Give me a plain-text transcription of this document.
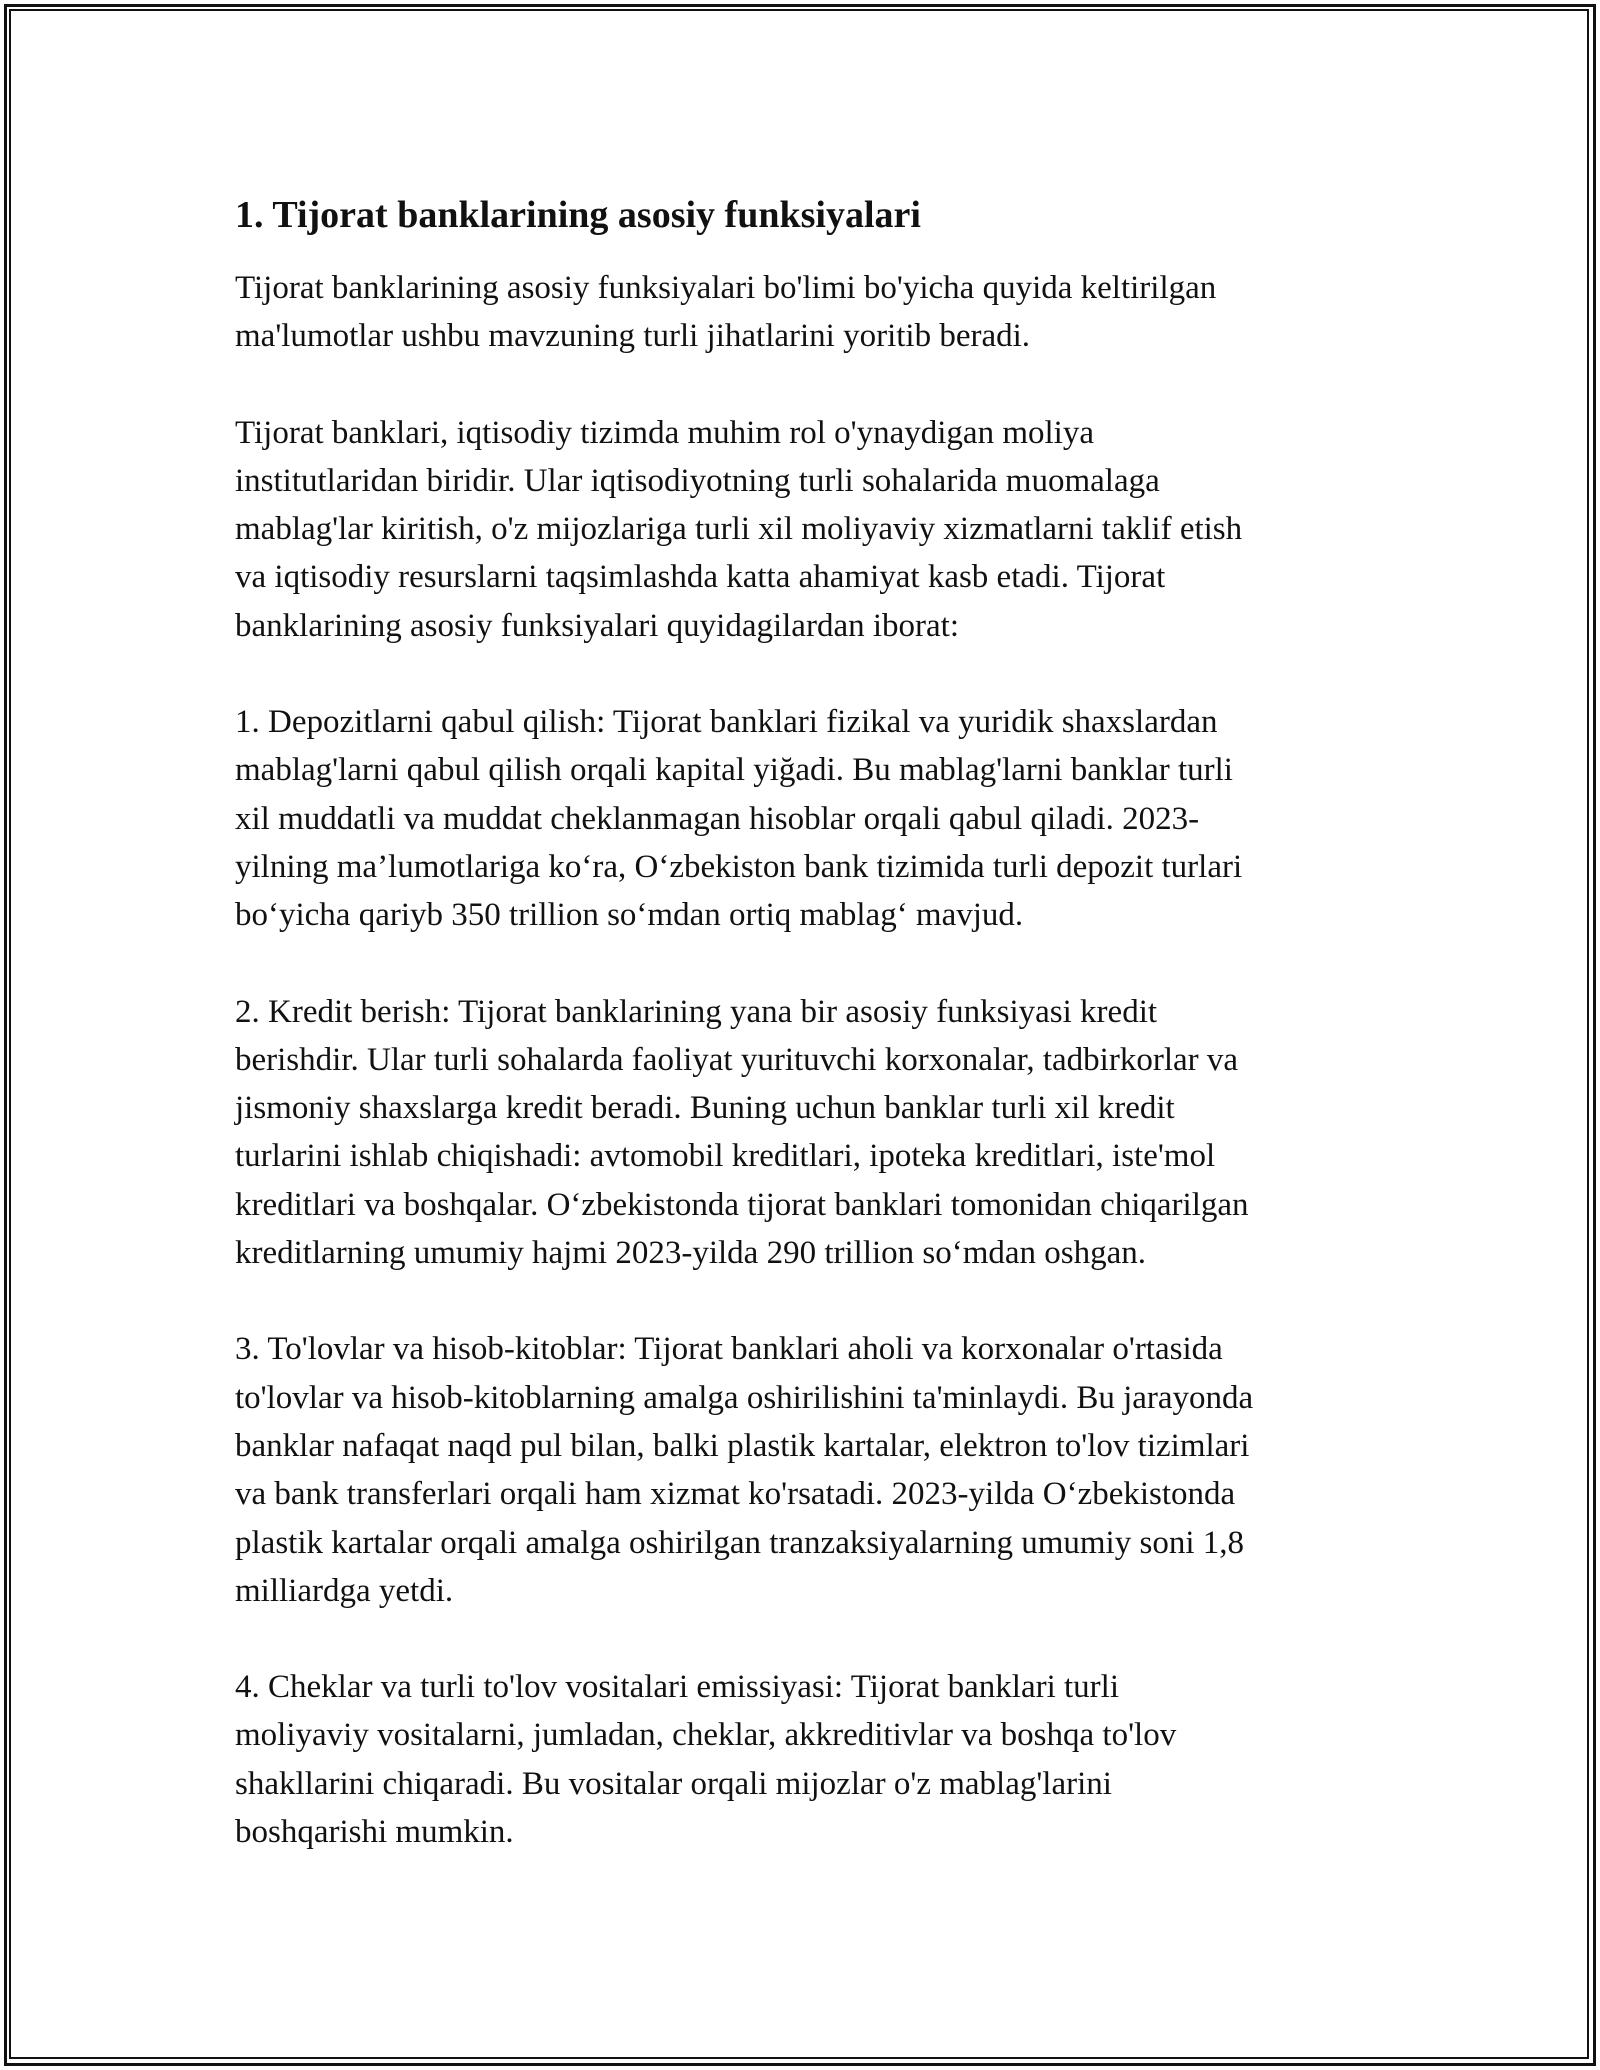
1. Tijorat banklarining asosiy funksiyalari

Tijorat banklarining asosiy funksiyalari bo'limi bo'yicha quyida keltirilgan
ma'lumotlar ushbu mavzuning turli jihatlarini yoritib beradi.

Tijorat banklari, iqtisodiy tizimda muhim rol o'ynaydigan moliya
institutlaridan biridir. Ular iqtisodiyotning turli sohalarida muomalaga
mablag'lar kiritish, o'z mijozlariga turli xil moliyaviy xizmatlarni taklif etish
va iqtisodiy resurslarni taqsimlashda katta ahamiyat kasb etadi. Tijorat
banklarining asosiy funksiyalari quyidagilardan iborat:

1. Depozitlarni qabul qilish: Tijorat banklari fizikal va yuridik shaxslardan
mablag'larni qabul qilish orqali kapital yiğadi. Bu mablag'larni banklar turli
xil muddatli va muddat cheklanmagan hisoblar orqali qabul qiladi. 2023-
yilning ma’lumotlariga koʻra, Oʻzbekiston bank tizimida turli depozit turlari
boʻyicha qariyb 350 trillion soʻmdan ortiq mablagʻ mavjud.

2. Kredit berish: Tijorat banklarining yana bir asosiy funksiyasi kredit
berishdir. Ular turli sohalarda faoliyat yurituvchi korxonalar, tadbirkorlar va
jismoniy shaxslarga kredit beradi. Buning uchun banklar turli xil kredit
turlarini ishlab chiqishadi: avtomobil kreditlari, ipoteka kreditlari, iste'mol
kreditlari va boshqalar. Oʻzbekistonda tijorat banklari tomonidan chiqarilgan
kreditlarning umumiy hajmi 2023-yilda 290 trillion soʻmdan oshgan.

3. To'lovlar va hisob-kitoblar: Tijorat banklari aholi va korxonalar o'rtasida
to'lovlar va hisob-kitoblarning amalga oshirilishini ta'minlaydi. Bu jarayonda
banklar nafaqat naqd pul bilan, balki plastik kartalar, elektron to'lov tizimlari
va bank transferlari orqali ham xizmat ko'rsatadi. 2023-yilda Oʻzbekistonda
plastik kartalar orqali amalga oshirilgan tranzaksiyalarning umumiy soni 1,8
milliardga yetdi.

4. Cheklar va turli to'lov vositalari emissiyasi: Tijorat banklari turli
moliyaviy vositalarni, jumladan, cheklar, akkreditivlar va boshqa to'lov
shakllarini chiqaradi. Bu vositalar orqali mijozlar o'z mablag'larini
boshqarishi mumkin.
